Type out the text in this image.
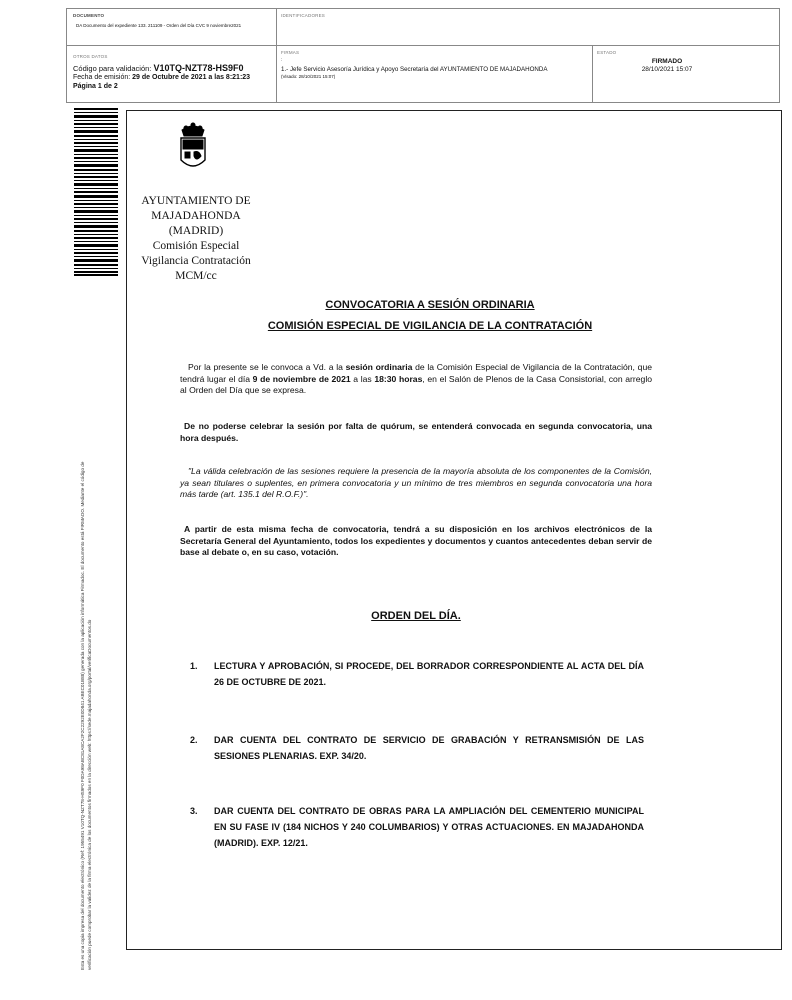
DOCUMENTO
DA Documento del expediente 133. 211109 - Orden del Día CVC 9 noviembre2021
IDENTIFICADORES
OTROS DATOS
Código para validación: V10TQ-NZT78-HS9F0
Fecha de emisión: 29 de Octubre de 2021 a las 8:21:23
Página 1 de 2
FIRMAS
:
1.- Jefe Servicio Asesoría Jurídica y Apoyo Secretaría del AYUNTAMIENTO DE MAJADAHONDA
(Visado: 28/10/2021 15:07)
ESTADO
FIRMADO
28/10/2021 15:07
Esta es una copia impresa del documento electrónico (Ref: 1955491 V10TQ-NZT78-HS9F0 F0DA98ABC81A8CA2F2C2292E0D841 ABEC01B88) generada con la aplicación informática Firmadoc. El documento está FIRMADO. Mediante el código de verificación puede comprobar la validez de la firma electrónica de los documentos firmados en la dirección web: https://sede.majadahonda.org/portal/verificaDocumentos.do
AYUNTAMIENTO DE
MAJADAHONDA
(MADRID)
Comisión Especial
Vigilancia Contratación
MCM/cc
CONVOCATORIA A SESIÓN ORDINARIA
COMISIÓN ESPECIAL DE VIGILANCIA DE LA CONTRATACIÓN
Por la presente se le convoca a Vd. a la sesión ordinaria de la Comisión Especial de Vigilancia de la Contratación, que tendrá lugar el día 9 de noviembre de 2021 a las 18:30 horas, en el Salón de Plenos de la Casa Consistorial, con arreglo al Orden del Día que se expresa.
De no poderse celebrar la sesión por falta de quórum, se entenderá convocada en segunda convocatoria, una hora después.
"La válida celebración de las sesiones requiere la presencia de la mayoría absoluta de los componentes de la Comisión, ya sean titulares o suplentes, en primera convocatoria y un mínimo de tres miembros en segunda convocatoria una hora más tarde (art. 135.1 del R.O.F.)".
A partir de esta misma fecha de convocatoria, tendrá a su disposición en los archivos electrónicos de la Secretaría General del Ayuntamiento, todos los expedientes y documentos y cuantos antecedentes deban servir de base al debate o, en su caso, votación.
ORDEN DEL DÍA.
1. LECTURA Y APROBACIÓN, SI PROCEDE, DEL BORRADOR CORRESPONDIENTE AL ACTA DEL DÍA 26 DE OCTUBRE DE 2021.
2. DAR CUENTA DEL CONTRATO DE SERVICIO DE GRABACIÓN Y RETRANSMISIÓN DE LAS SESIONES PLENARIAS. EXP. 34/20.
3. DAR CUENTA DEL CONTRATO DE OBRAS PARA LA AMPLIACIÓN DEL CEMENTERIO MUNICIPAL EN SU FASE IV (184 NICHOS Y 240 COLUMBARIOS) Y OTRAS ACTUACIONES. EN MAJADAHONDA (MADRID). EXP. 12/21.
